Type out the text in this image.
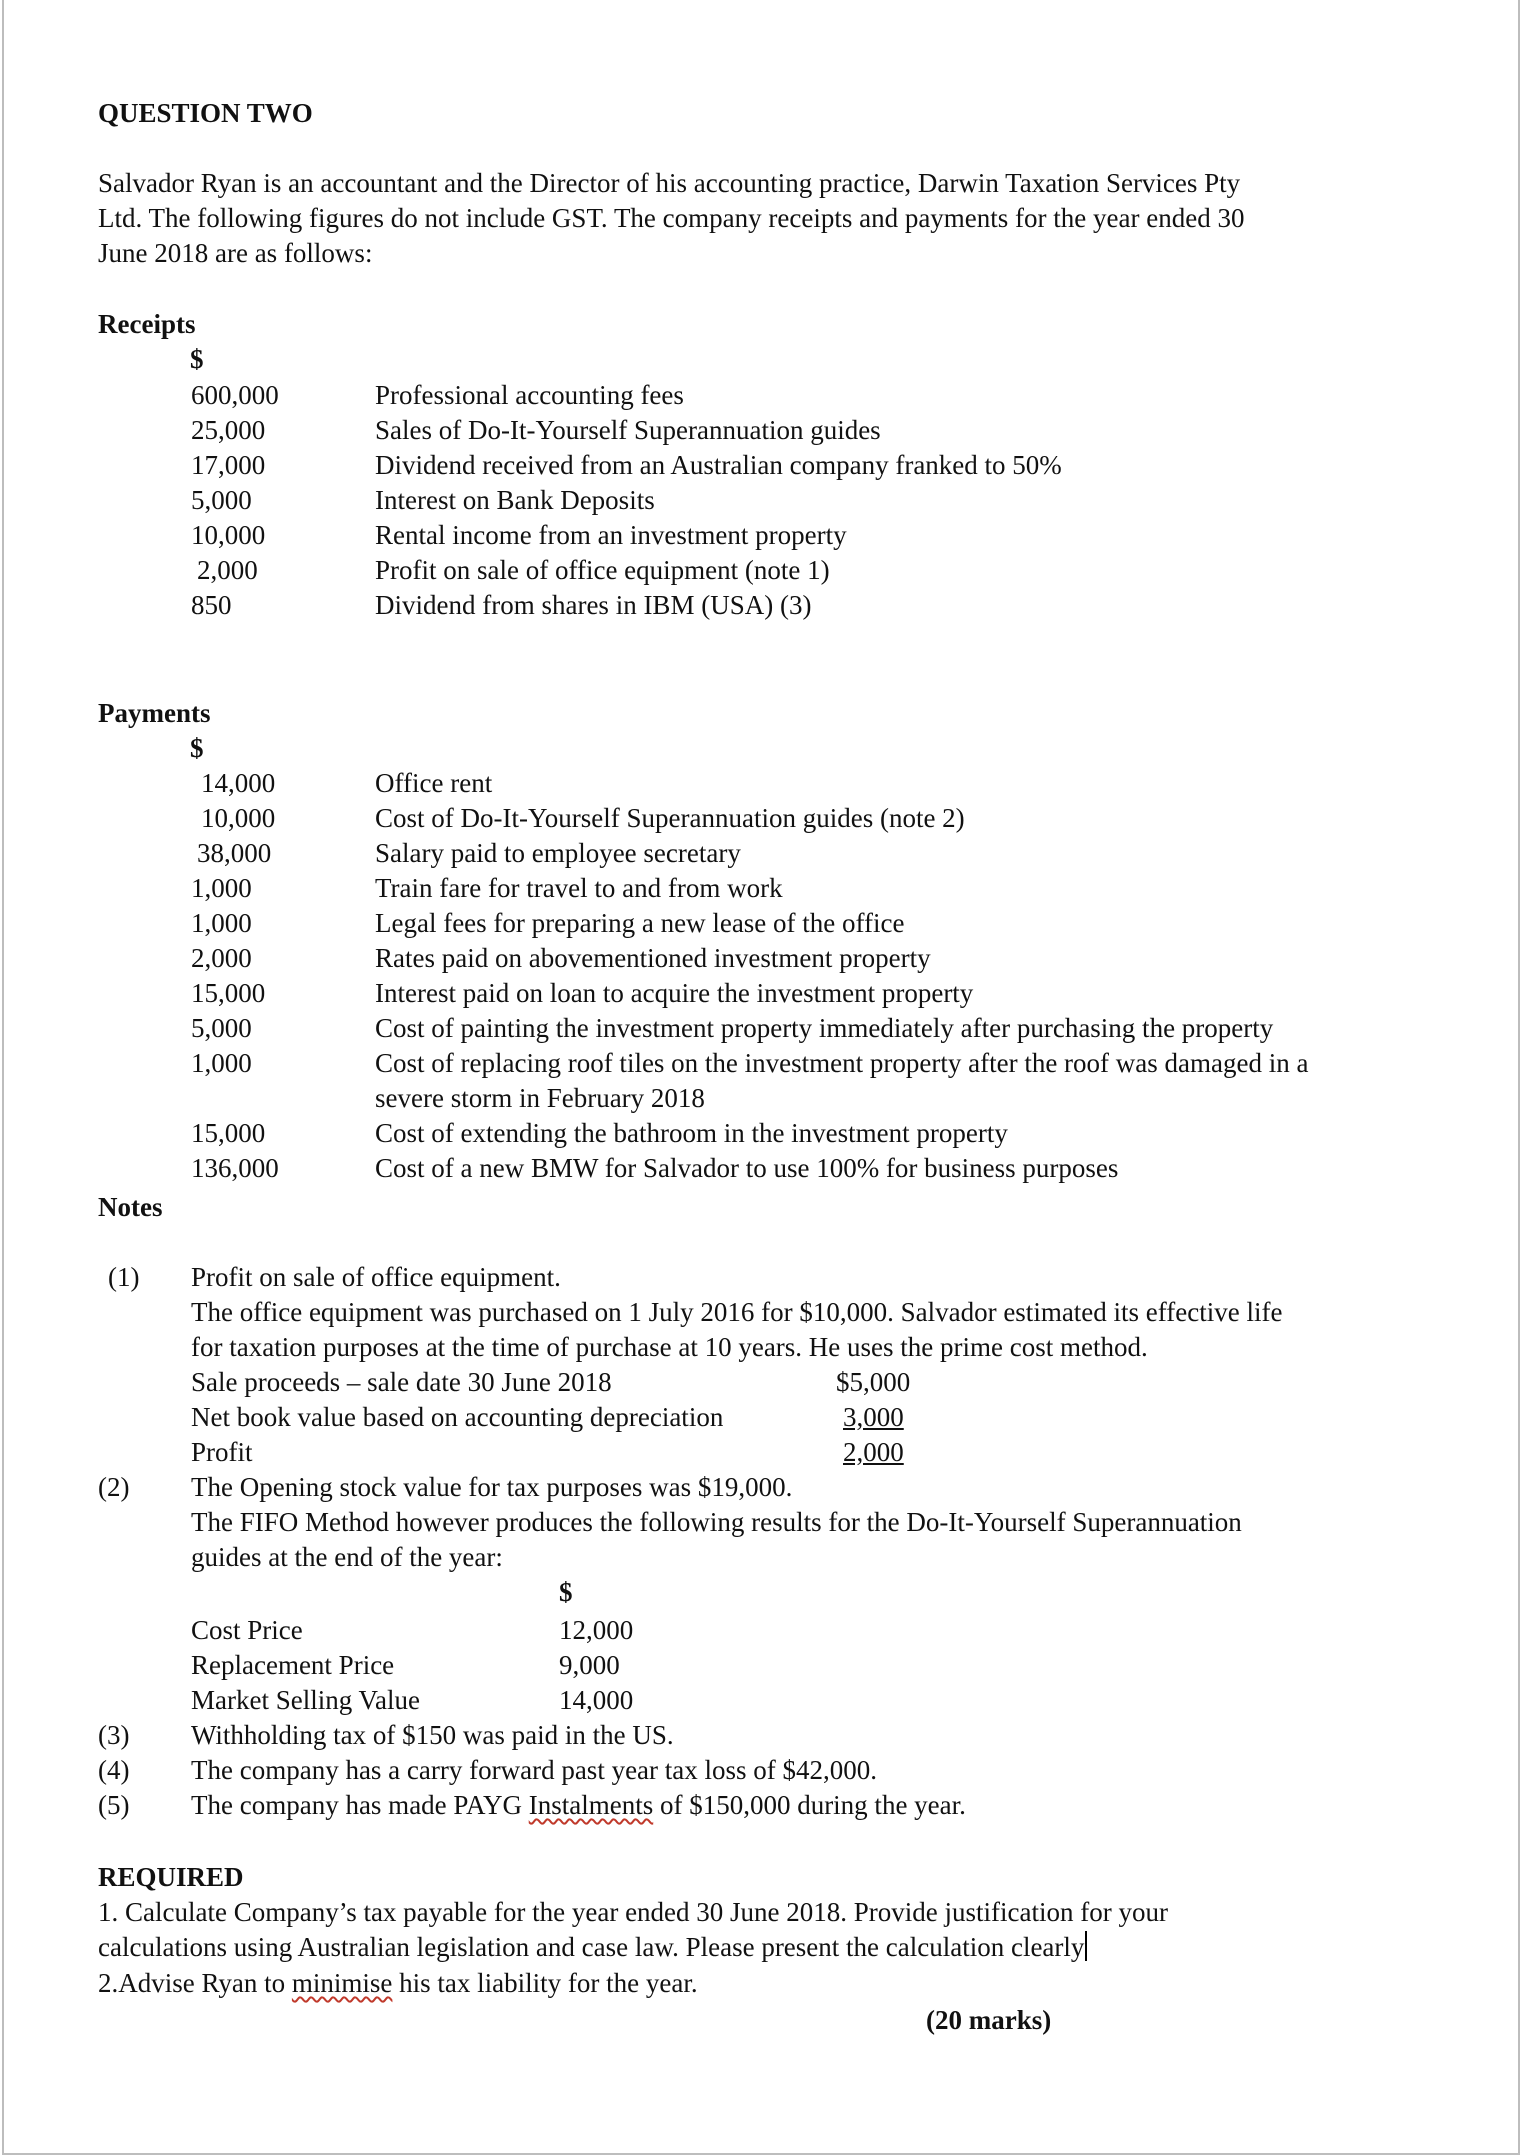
QUESTION TWO
Salvador Ryan is an accountant and the Director of his accounting practice, Darwin Taxation Services Pty
Ltd. The following figures do not include GST. The company receipts and payments for the year ended 30
June 2018 are as follows:
Receipts
$
600,000	Professional accounting fees
25,000	Sales of Do-It-Yourself Superannuation guides
17,000	Dividend received from an Australian company franked to 50%
5,000	Interest on Bank Deposits
10,000	Rental income from an investment property
2,000	Profit on sale of office equipment (note 1)
850	Dividend from shares in IBM (USA) (3)
Payments
$
14,000	Office rent
10,000	Cost of Do-It-Yourself Superannuation guides (note 2)
38,000	Salary paid to employee secretary
1,000	Train fare for travel to and from work
1,000	Legal fees for preparing a new lease of the office
2,000	Rates paid on abovementioned investment property
15,000	Interest paid on loan to acquire the investment property
5,000	Cost of painting the investment property immediately after purchasing the property
1,000	Cost of replacing roof tiles on the investment property after the roof was damaged in a
severe storm in February 2018
15,000	Cost of extending the bathroom in the investment property
136,000	Cost of a new BMW for Salvador to use 100% for business purposes
Notes
(1) Profit on sale of office equipment.
The office equipment was purchased on 1 July 2016 for $10,000. Salvador estimated its effective life
for taxation purposes at the time of purchase at 10 years. He uses the prime cost method.
Sale proceeds – sale date 30 June 2018	$5,000
Net book value based on accounting depreciation	3,000
Profit	2,000
(2) The Opening stock value for tax purposes was $19,000.
The FIFO Method however produces the following results for the Do-It-Yourself Superannuation
guides at the end of the year:
$
Cost Price	12,000
Replacement Price	9,000
Market Selling Value	14,000
(3) Withholding tax of $150 was paid in the US.
(4) The company has a carry forward past year tax loss of $42,000.
(5) The company has made PAYG Instalments of $150,000 during the year.
REQUIRED
1. Calculate Company’s tax payable for the year ended 30 June 2018. Provide justification for your
calculations using Australian legislation and case law. Please present the calculation clearly
2.Advise Ryan to minimise his tax liability for the year.
(20 marks)
